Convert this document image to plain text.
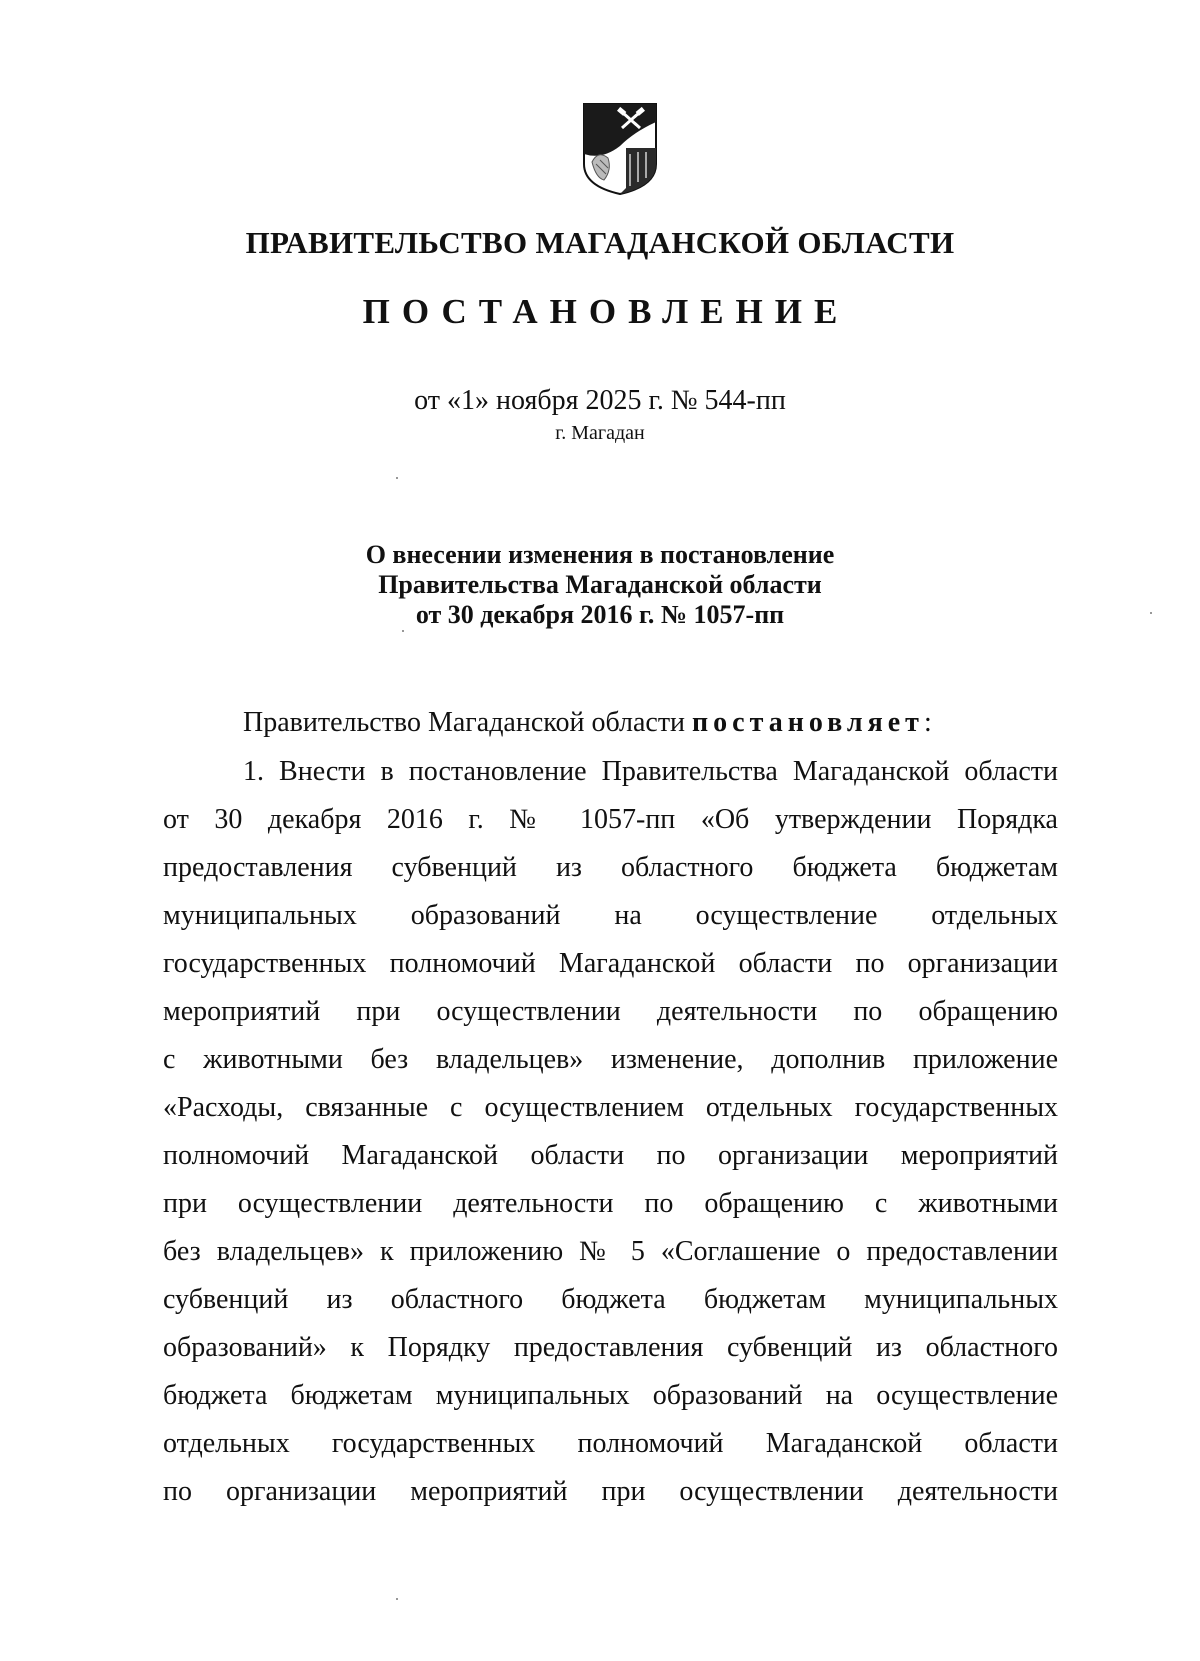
ПРАВИТЕЛЬСТВО МАГАДАНСКОЙ ОБЛАСТИ
ПОСТАНОВЛЕНИЕ
от «1» ноября 2025 г. № 544-пп
г. Магадан
О внесении изменения в постановление
Правительства Магаданской области
от 30 декабря 2016 г. № 1057-пп
Правительство Магаданской области постановляет:
1. Внести в постановление Правительства Магаданской области
от 30 декабря 2016 г. № 1057-пп «Об утверждении Порядка
предоставления субвенций из областного бюджета бюджетам
муниципальных образований на осуществление отдельных
государственных полномочий Магаданской области по организации
мероприятий при осуществлении деятельности по обращению
с животными без владельцев» изменение, дополнив приложение
«Расходы, связанные с осуществлением отдельных государственных
полномочий Магаданской области по организации мероприятий
при осуществлении деятельности по обращению с животными
без владельцев» к приложению № 5 «Соглашение о предоставлении
субвенций из областного бюджета бюджетам муниципальных
образований» к Порядку предоставления субвенций из областного
бюджета бюджетам муниципальных образований на осуществление
отдельных государственных полномочий Магаданской области
по организации мероприятий при осуществлении деятельности
